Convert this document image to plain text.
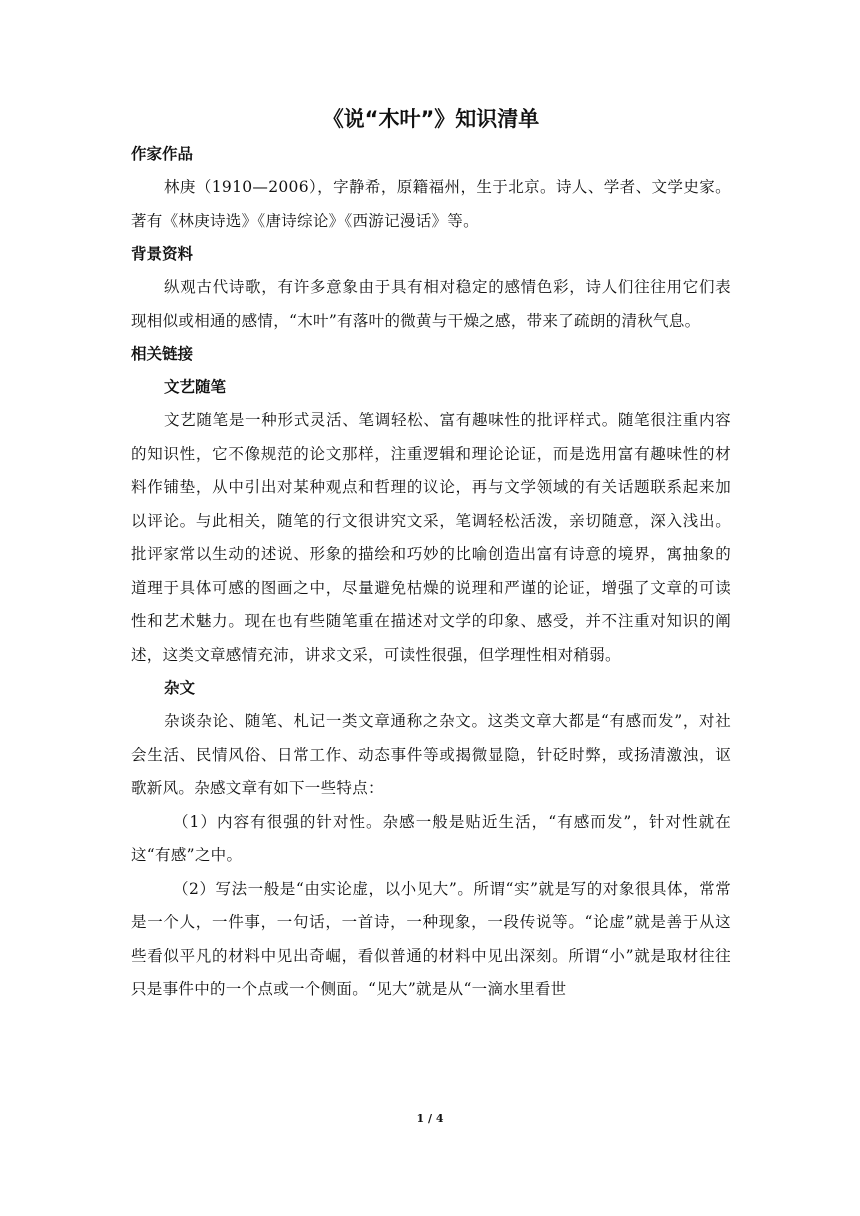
《说“木叶”》知识清单

作家作品

林庚（1910—2006），字静希，原籍福州，生于北京。诗人、学者、文学史家。著有《林庚诗选》《唐诗综论》《西游记漫话》等。

背景资料

纵观古代诗歌，有许多意象由于具有相对稳定的感情色彩，诗人们往往用它们表现相似或相通的感情，“木叶”有落叶的微黄与干燥之感，带来了疏朗的清秋气息。

相关链接

文艺随笔

文艺随笔是一种形式灵活、笔调轻松、富有趣味性的批评样式。随笔很注重内容的知识性，它不像规范的论文那样，注重逻辑和理论论证，而是选用富有趣味性的材料作铺垫，从中引出对某种观点和哲理的议论，再与文学领域的有关话题联系起来加以评论。与此相关，随笔的行文很讲究文采，笔调轻松活泼，亲切随意，深入浅出。批评家常以生动的述说、形象的描绘和巧妙的比喻创造出富有诗意的境界，寓抽象的道理于具体可感的图画之中，尽量避免枯燥的说理和严谨的论证，增强了文章的可读性和艺术魅力。现在也有些随笔重在描述对文学的印象、感受，并不注重对知识的阐述，这类文章感情充沛，讲求文采，可读性很强，但学理性相对稍弱。

杂文

杂谈杂论、随笔、札记一类文章通称之杂文。这类文章大都是“有感而发”，对社会生活、民情风俗、日常工作、动态事件等或揭微显隐，针砭时弊，或扬清激浊，讴歌新风。杂感文章有如下一些特点：

（1）内容有很强的针对性。杂感一般是贴近生活，“有感而发”，针对性就在这“有感”之中。

（2）写法一般是“由实论虚，以小见大”。所谓“实”就是写的对象很具体，常常是一个人，一件事，一句话，一首诗，一种现象，一段传说等。“论虚”就是善于从这些看似平凡的材料中见出奇崛，看似普通的材料中见出深刻。所谓“小”就是取材往往只是事件中的一个点或一个侧面。“见大”就是从“一滴水里看世

1 / 4
